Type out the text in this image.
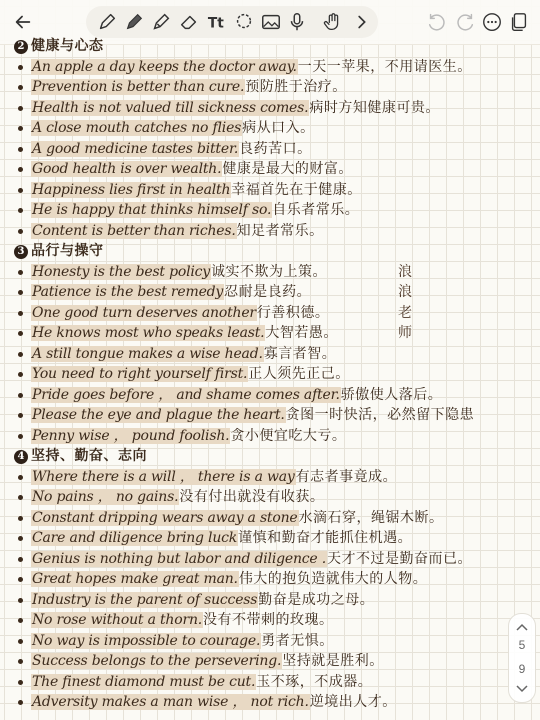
Tt
2 健康与心态
An apple a day keeps the doctor away.一天一苹果，不用请医生。
Prevention is better than cure.预防胜于治疗。
Health is not valued till sickness comes.病时方知健康可贵。
A close mouth catches no flies病从口入。
A good medicine tastes bitter.良药苦口。
Good health is over wealth.健康是最大的财富。
Happiness lies first in health幸福首先在于健康。
He is happy that thinks himself so.自乐者常乐。
Content is better than riches.知足者常乐。
3 品行与操守
Honesty is the best policy诚实不欺为上策。
Patience is the best remedy忍耐是良药。
One good turn deserves another行善积德。
He knows most who speaks least.大智若愚。
A still tongue makes a wise head.寡言者智。
You need to right yourself first.正人须先正己。
Pride goes before ， and shame comes after.骄傲使人落后。
Please the eye and plague the heart.贪图一时快活，必然留下隐患
Penny wise ， pound foolish.贪小便宜吃大亏。
浪
浪
老
师
4 坚持、勤奋、志向
Where there is a will ， there is a way有志者事竟成。
No pains ， no gains.没有付出就没有收获。
Constant dripping wears away a stone水滴石穿，绳锯木断。
Care and diligence bring luck谨慎和勤奋才能抓住机遇。
Genius is nothing but labor and diligence .天才不过是勤奋而已。
Great hopes make great man.伟大的抱负造就伟大的人物。
Industry is the parent of success勤奋是成功之母。
No rose without a thorn.没有不带刺的玫瑰。
No way is impossible to courage.勇者无惧。
Success belongs to the persevering.坚持就是胜利。
The finest diamond must be cut.玉不琢，不成器。
Adversity makes a man wise ， not rich.逆境出人才。
5
9
